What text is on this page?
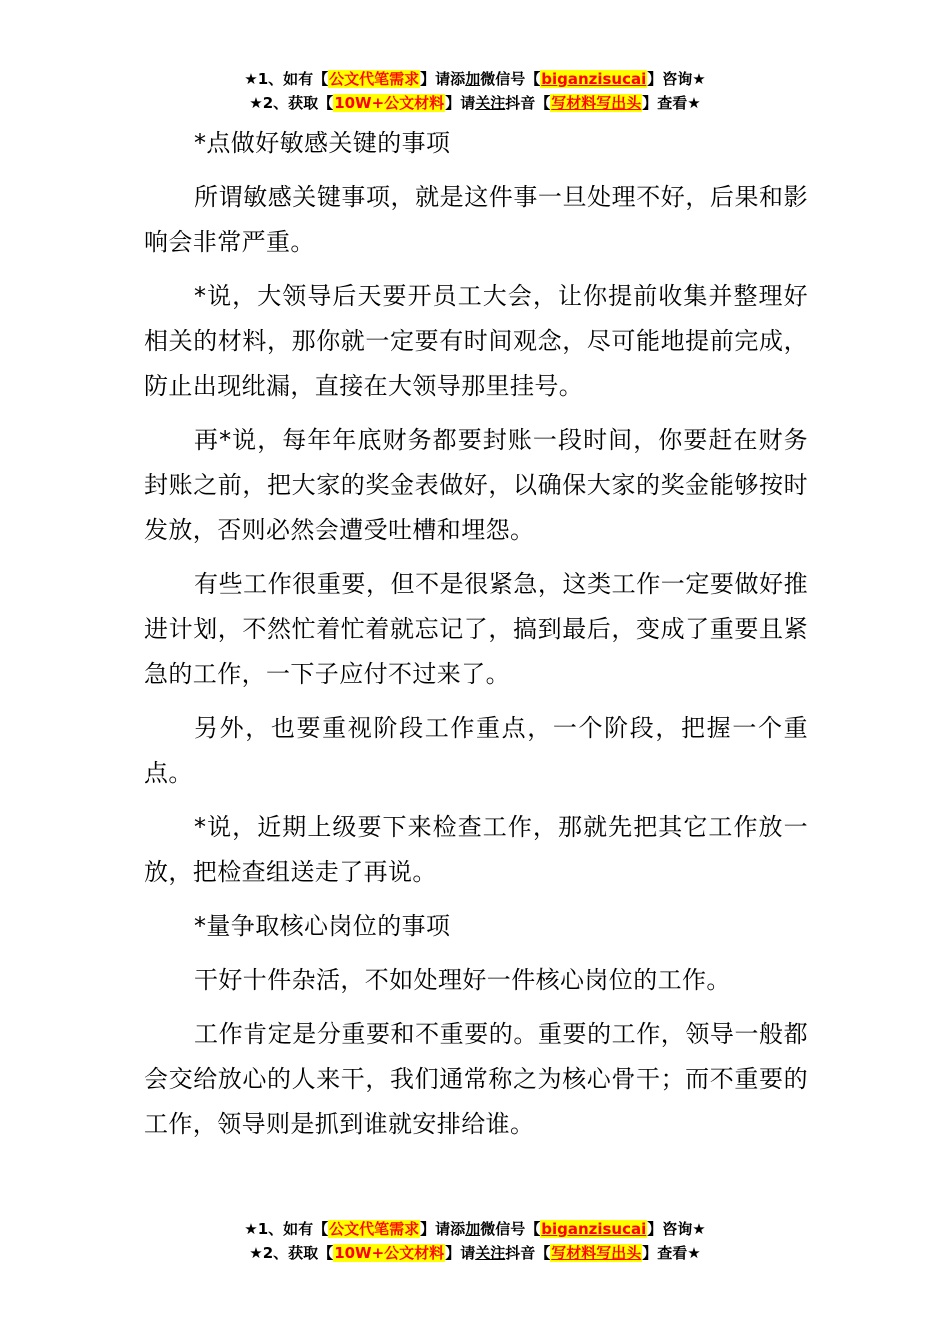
★1、如有【公文代笔需求】请添加微信号【biganzisucai】咨询★
★2、获取【10W+公文材料】请关注抖音【写材料写出头】查看★

*点做好敏感关键的事项

所谓敏感关键事项，就是这件事一旦处理不好，后果和影响会非常严重。

*说，大领导后天要开员工大会，让你提前收集并整理好相关的材料，那你就一定要有时间观念，尽可能地提前完成，防止出现纰漏，直接在大领导那里挂号。

再*说，每年年底财务都要封账一段时间，你要赶在财务封账之前，把大家的奖金表做好，以确保大家的奖金能够按时发放，否则必然会遭受吐槽和埋怨。

有些工作很重要，但不是很紧急，这类工作一定要做好推进计划，不然忙着忙着就忘记了，搞到最后，变成了重要且紧急的工作，一下子应付不过来了。

另外，也要重视阶段工作重点，一个阶段，把握一个重点。

*说，近期上级要下来检查工作，那就先把其它工作放一放，把检查组送走了再说。

*量争取核心岗位的事项

干好十件杂活，不如处理好一件核心岗位的工作。

工作肯定是分重要和不重要的。重要的工作，领导一般都会交给放心的人来干，我们通常称之为核心骨干；而不重要的工作，领导则是抓到谁就安排给谁。

★1、如有【公文代笔需求】请添加微信号【biganzisucai】咨询★
★2、获取【10W+公文材料】请关注抖音【写材料写出头】查看★
